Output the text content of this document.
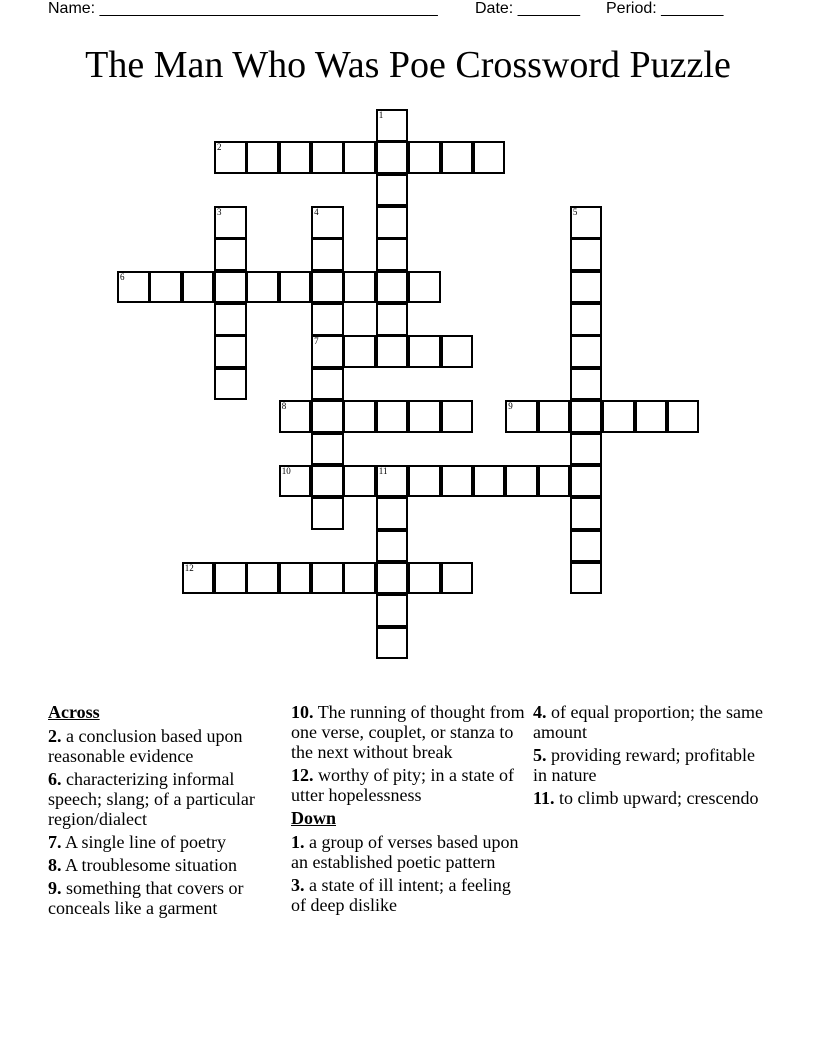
Name: ______________________________________ Date: _______ Period: _______
The Man Who Was Poe Crossword Puzzle
1
2
3	4
7
5
6
8	9
10	11
12
Across
2. a conclusion based upon reasonable evidence
6. characterizing informal speech; slang; of a particular region/dialect
7. A single line of poetry
8. A troublesome situation
9. something that covers or conceals like a garment
10. The running of thought from one verse, couplet, or stanza to the next without break
12. worthy of pity; in a state of utter hopelessness
Down
1. a group of verses based upon an established poetic pattern
3. a state of ill intent; a feeling of deep dislike
4. of equal proportion; the same amount
5. providing reward; profitable in nature
11. to climb upward; crescendo
